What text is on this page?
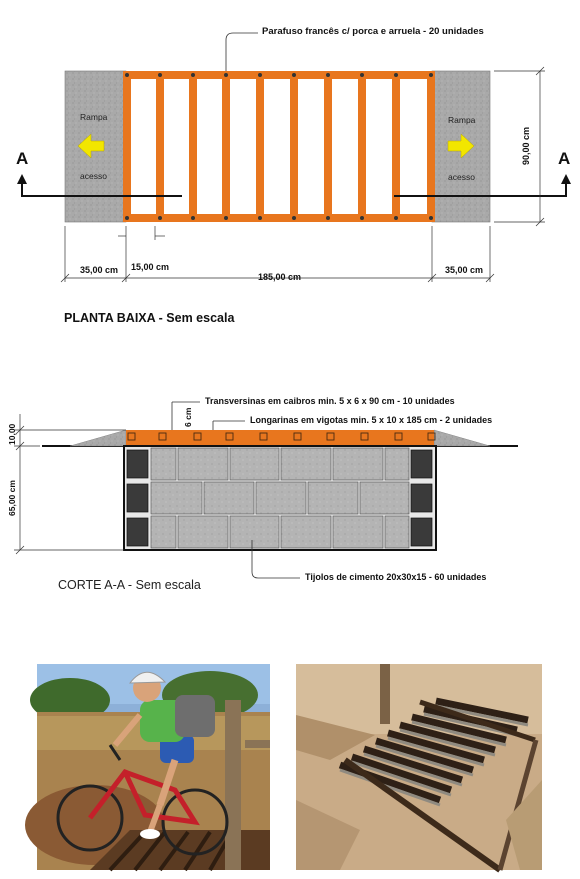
Parafuso francês c/ porca e arruela - 20 unidades
Rampa
acesso
Rampa
acesso
A	A
90,00 cm
35,00 cm 15,00 cm
185,00 cm
35,00 cm
PLANTA BAIXA - Sem escala
Transversinas em caibros min. 5 x 6 x 90 cm - 10 unidades
Longarinas em vigotas min. 5 x 10 x 185 cm - 2 unidades
6 cm
10,00
65,00 cm
Tijolos de cimento 20x30x15 - 60 unidades
CORTE A-A - Sem escala
